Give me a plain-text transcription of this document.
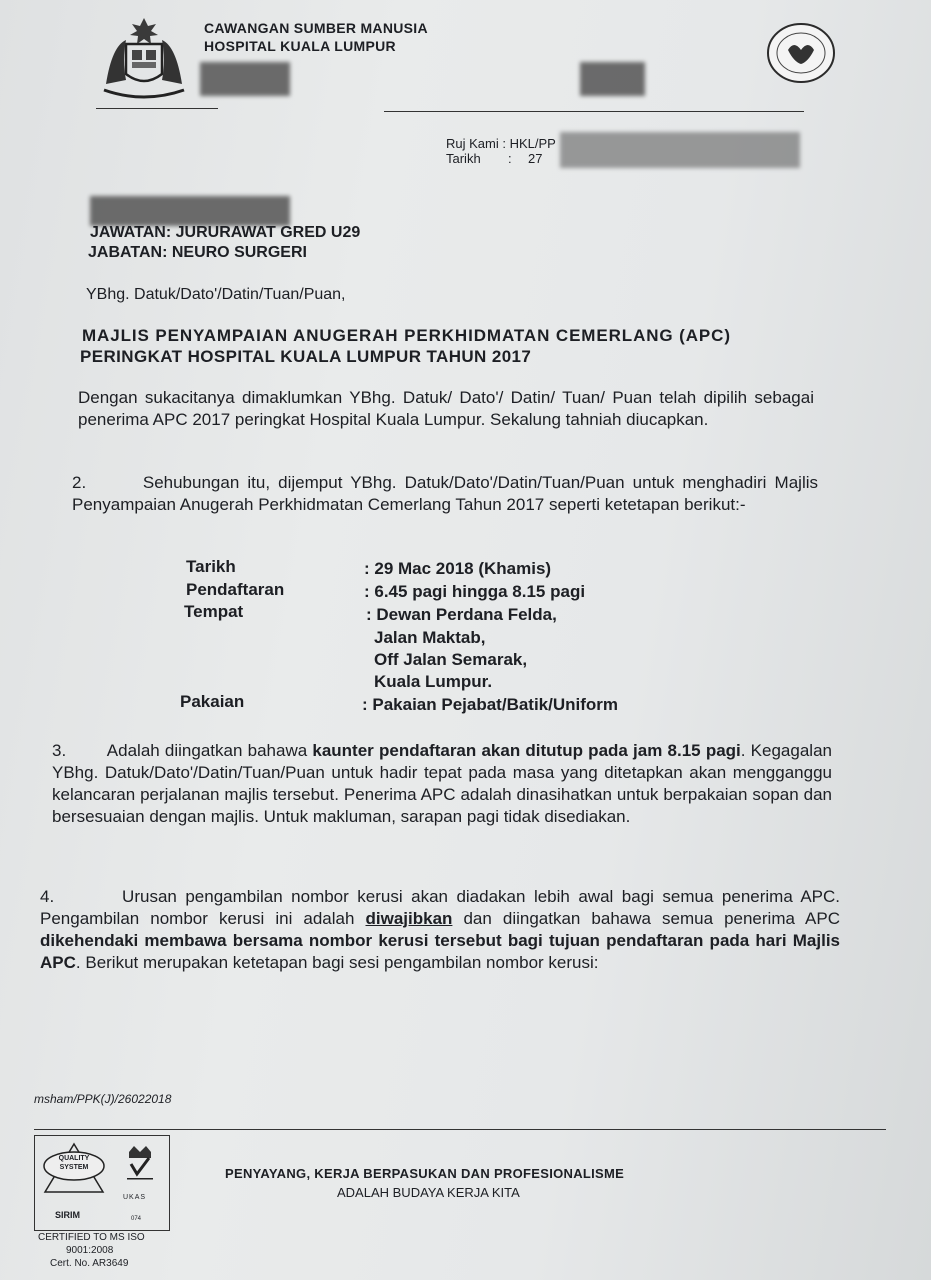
CAWANGAN SUMBER MANUSIA
HOSPITAL KUALA LUMPUR
Ruj Kami : HKL/PP
Tarikh : 27
JAWATAN: JURURAWAT GRED U29
JABATAN: NEURO SURGERI
YBhg. Datuk/Dato'/Datin/Tuan/Puan,
MAJLIS PENYAMPAIAN ANUGERAH PERKHIDMATAN CEMERLANG (APC)
PERINGKAT HOSPITAL KUALA LUMPUR TAHUN 2017
Dengan sukacitanya dimaklumkan YBhg. Datuk/ Dato'/ Datin/ Tuan/ Puan telah dipilih sebagai penerima APC 2017 peringkat Hospital Kuala Lumpur. Sekalung tahniah diucapkan.
2.	Sehubungan itu, dijemput YBhg. Datuk/Dato'/Datin/Tuan/Puan untuk menghadiri Majlis Penyampaian Anugerah Perkhidmatan Cemerlang Tahun 2017 seperti ketetapan berikut:-
Tarikh	: 29 Mac 2018 (Khamis)
Pendaftaran	: 6.45 pagi hingga 8.15 pagi
Tempat	: Dewan Perdana Felda,
Jalan Maktab,
Off Jalan Semarak,
Kuala Lumpur.
Pakaian	: Pakaian Pejabat/Batik/Uniform
3. Adalah diingatkan bahawa kaunter pendaftaran akan ditutup pada jam 8.15 pagi. Kegagalan YBhg. Datuk/Dato'/Datin/Tuan/Puan untuk hadir tepat pada masa yang ditetapkan akan mengganggu kelancaran perjalanan majlis tersebut. Penerima APC adalah dinasihatkan untuk berpakaian sopan dan bersesuaian dengan majlis. Untuk makluman, sarapan pagi tidak disediakan.
4.	Urusan pengambilan nombor kerusi akan diadakan lebih awal bagi semua penerima APC. Pengambilan nombor kerusi ini adalah diwajibkan dan diingatkan bahawa semua penerima APC dikehendaki membawa bersama nombor kerusi tersebut bagi tujuan pendaftaran pada hari Majlis APC. Berikut merupakan ketetapan bagi sesi pengambilan nombor kerusi:
msham/PPK(J)/26022018
QUALITY
SYSTEM
SIRIM
UKAS
074
CERTIFIED TO MS ISO
9001:2008
Cert. No. AR3649
PENYAYANG, KERJA BERPASUKAN DAN PROFESIONALISME
ADALAH BUDAYA KERJA KITA
